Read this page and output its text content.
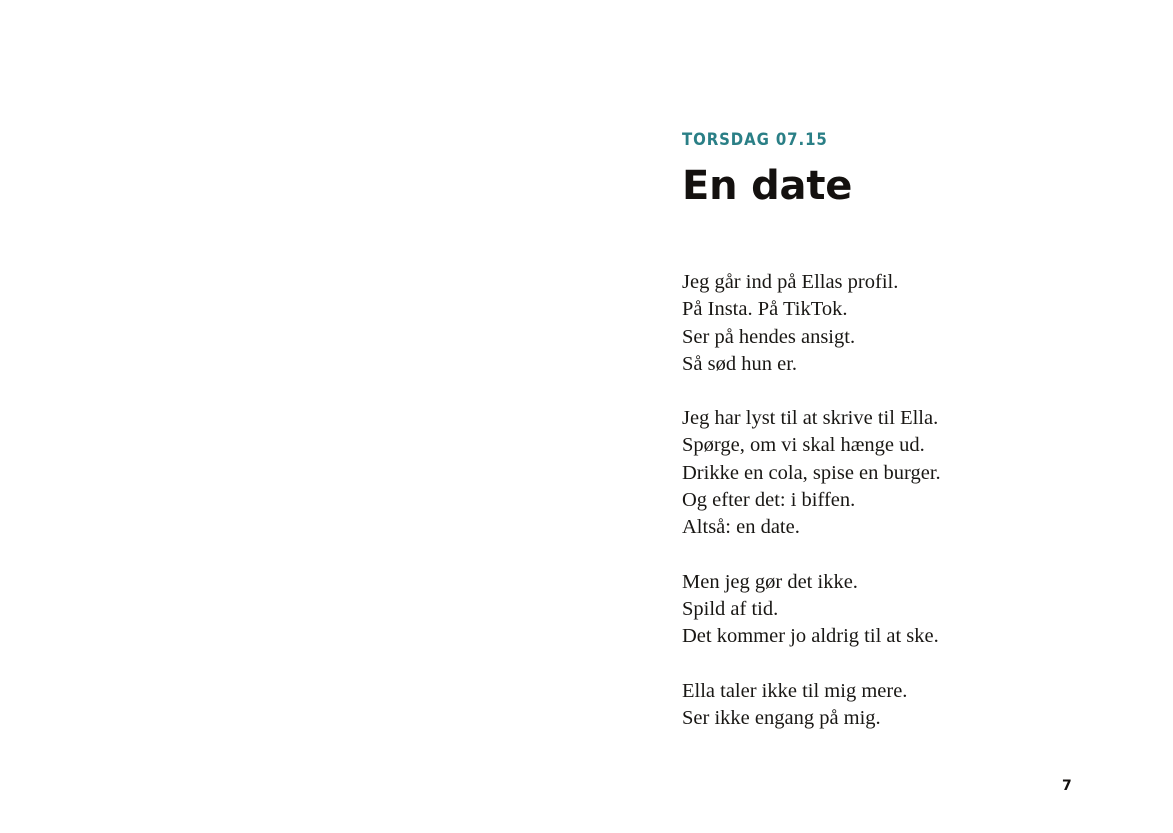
TORSDAG 07.15
En date

Jeg går ind på Ellas profil.
På Insta. På TikTok.
Ser på hendes ansigt.
Så sød hun er.

Jeg har lyst til at skrive til Ella.
Spørge, om vi skal hænge ud.
Drikke en cola, spise en burger.
Og efter det: i biffen.
Altså: en date.

Men jeg gør det ikke.
Spild af tid.
Det kommer jo aldrig til at ske.

Ella taler ikke til mig mere.
Ser ikke engang på mig.

7
